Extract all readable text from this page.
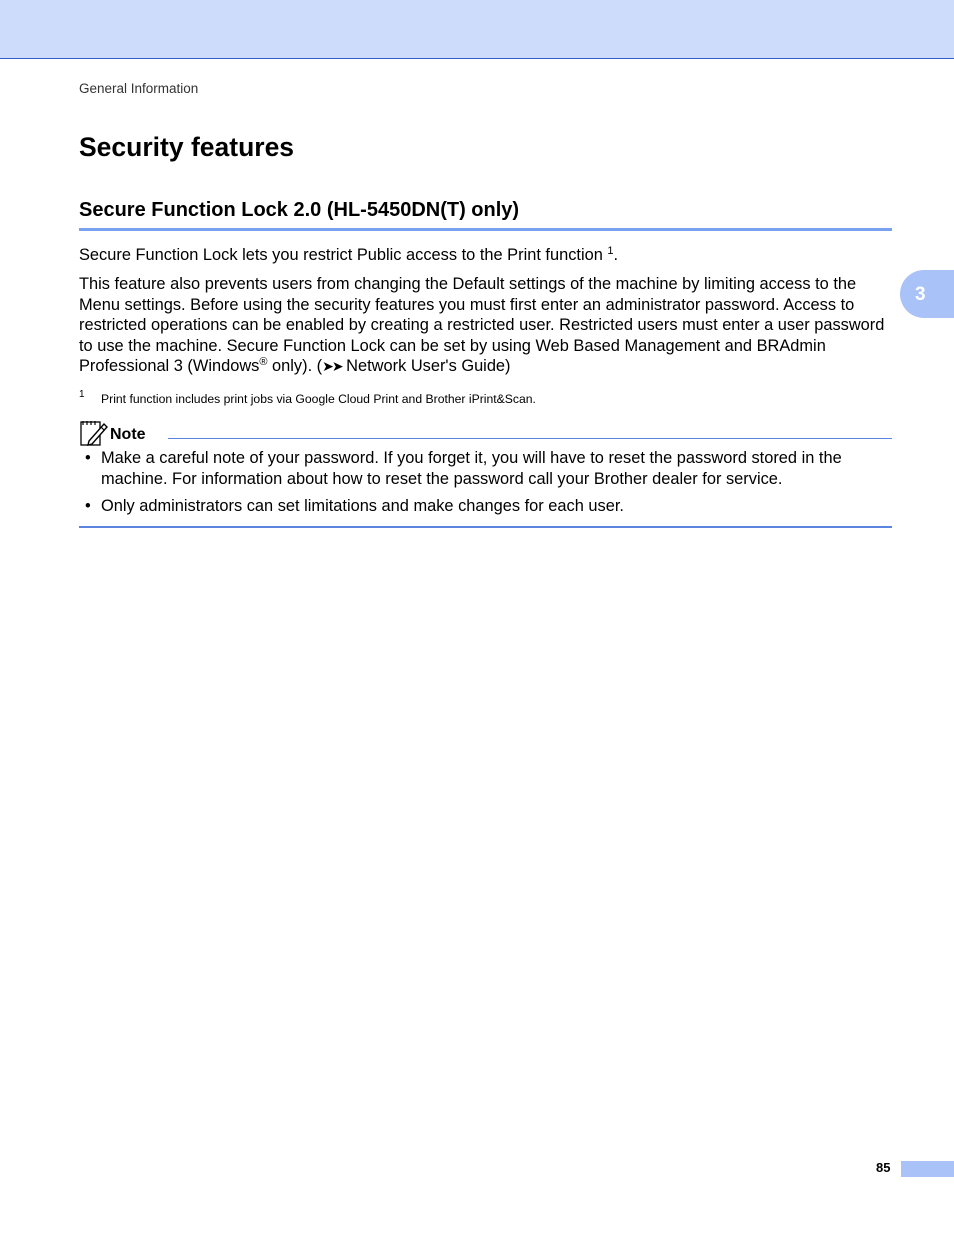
General Information
Security features
Secure Function Lock 2.0 (HL-5450DN(T) only)

Secure Function Lock lets you restrict Public access to the Print function $^1$.

This feature also prevents users from changing the Default settings of the machine by limiting access to the Menu settings. Before using the security features you must first enter an administrator password. Access to restricted operations can be enabled by creating a restricted user. Restricted users must enter a user password to use the machine. Secure Function Lock can be set by using Web Based Management and BRAdmin Professional 3 (Windows® only). (➤➤ Network User's Guide)

1 Print function includes print jobs via Google Cloud Print and Brother iPrint&Scan.
Note
• Make a careful note of your password. If you forget it, you will have to reset the password stored in the machine. For information about how to reset the password call your Brother dealer for service.

• Only administrators can set limitations and make changes for each user.

3
85
